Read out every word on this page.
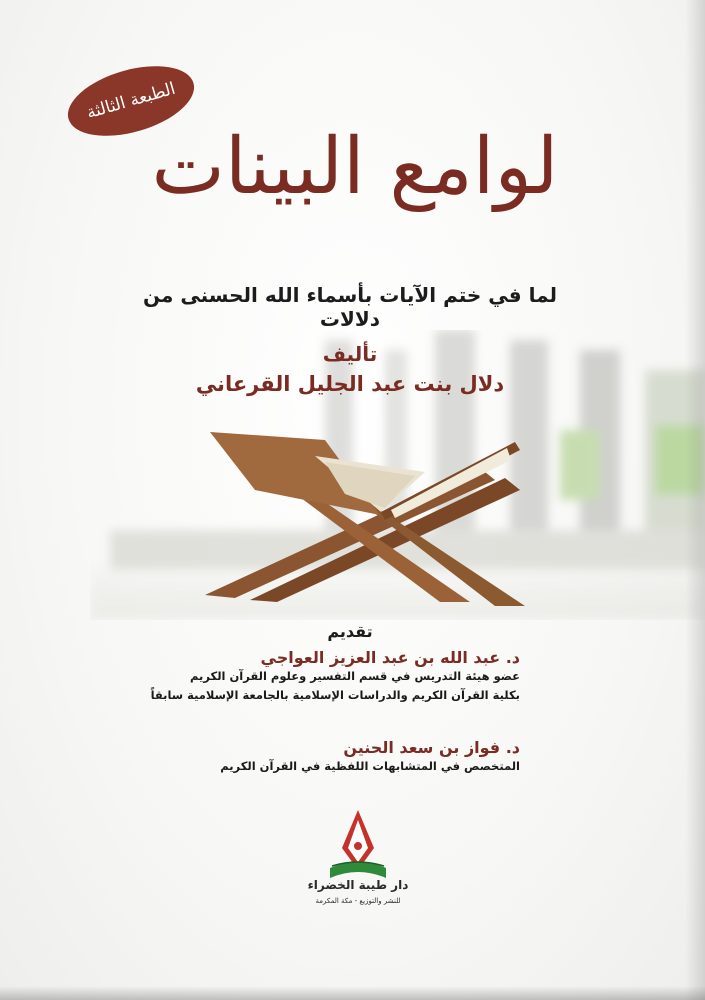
الطبعة الثالثة
لوامع البينات
لما في ختم الآيات بأسماء الله الحسنى من دلالات
تأليف
دلال بنت عبد الجليل القرعاني
تقديم
د. عبد الله بن عبد العزيز العواجي
عضو هيئة التدريس في قسم التفسير وعلوم القرآن الكريم
بكلية القرآن الكريم والدراسات الإسلامية بالجامعة الإسلامية سابقاً
د. فواز بن سعد الحنين
المتخصص في المتشابهات اللفظية في القرآن الكريم
دار طيبة الخضراء
للنشر والتوزيع - مكة المكرمة
